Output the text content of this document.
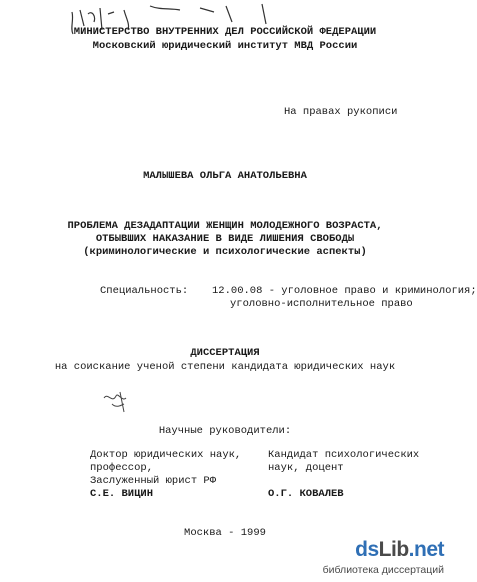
МИНИСТЕРСТВО ВНУТРЕННИХ ДЕЛ РОССИЙСКОЙ ФЕДЕРАЦИИ
Московский юридический институт МВД России
На правах рукописи
МАЛЫШЕВА ОЛЬГА АНАТОЛЬЕВНА
ПРОБЛЕМА ДЕЗАДАПТАЦИИ ЖЕНЩИН МОЛОДЕЖНОГО ВОЗРАСТА,
ОТБЫВШИХ НАКАЗАНИЕ В ВИДЕ ЛИШЕНИЯ СВОБОДЫ
(криминологические и психологические аспекты)
Специальность: 12.00.08 - уголовное право и криминология;
уголовно-исполнительное право
ДИССЕРТАЦИЯ
на соискание ученой степени кандидата юридических наук
Научные руководители:
Доктор юридических наук,
профессор,
Заслуженный юрист РФ
С.Е. ВИЦИН
Кандидат психологических
наук, доцент
О.Г. КОВАЛЕВ
Москва - 1999
dsLib.net
библиотека диссертаций
